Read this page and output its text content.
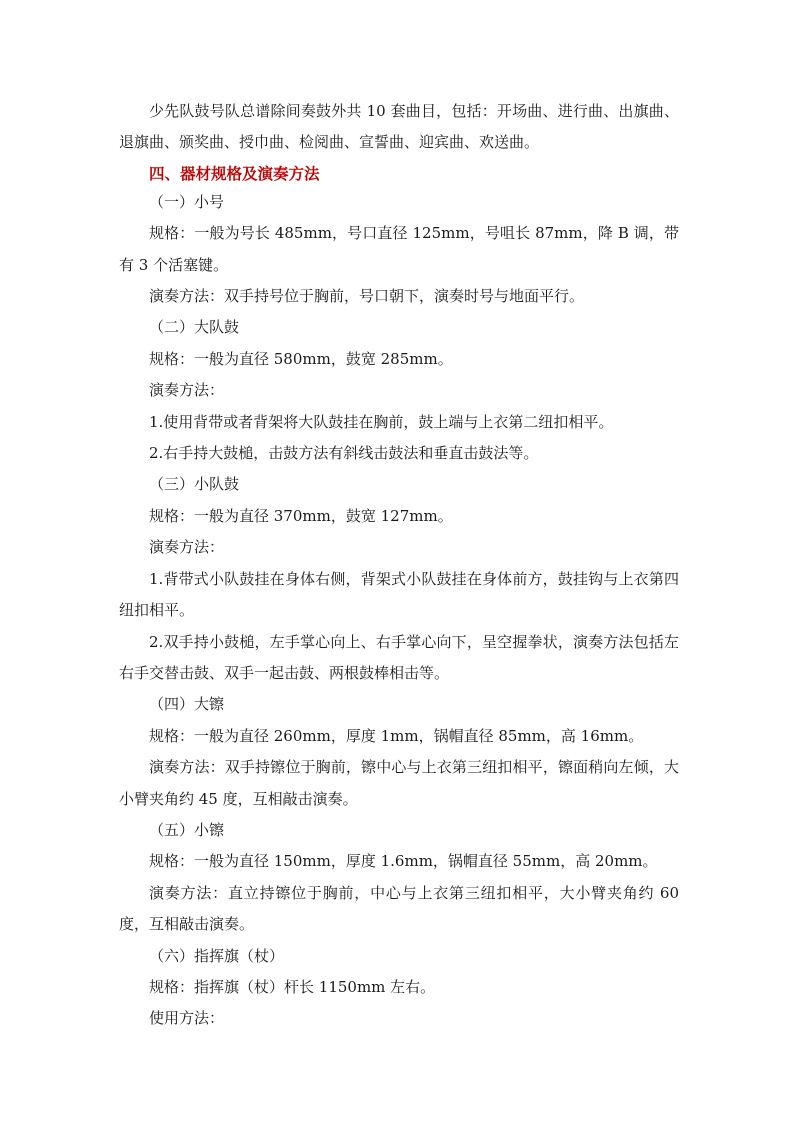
少先队鼓号队总谱除间奏鼓外共 10 套曲目，包括：开场曲、进行曲、出旗曲、退旗曲、颁奖曲、授巾曲、检阅曲、宣誓曲、迎宾曲、欢送曲。

四、器材规格及演奏方法

（一）小号

规格：一般为号长 485mm，号口直径 125mm，号咀长 87mm，降 B 调，带有 3 个活塞键。

演奏方法：双手持号位于胸前，号口朝下，演奏时号与地面平行。

（二）大队鼓

规格：一般为直径 580mm，鼓宽 285mm。

演奏方法：

1.使用背带或者背架将大队鼓挂在胸前，鼓上端与上衣第二纽扣相平。

2.右手持大鼓槌，击鼓方法有斜线击鼓法和垂直击鼓法等。

（三）小队鼓

规格：一般为直径 370mm，鼓宽 127mm。

演奏方法：

1.背带式小队鼓挂在身体右侧，背架式小队鼓挂在身体前方，鼓挂钩与上衣第四纽扣相平。

2.双手持小鼓槌，左手掌心向上、右手掌心向下，呈空握拳状，演奏方法包括左右手交替击鼓、双手一起击鼓、两根鼓棒相击等。

（四）大镲

规格：一般为直径 260mm，厚度 1mm，锅帽直径 85mm，高 16mm。

演奏方法：双手持镲位于胸前，镲中心与上衣第三纽扣相平，镲面稍向左倾，大小臂夹角约 45 度，互相敲击演奏。

（五）小镲

规格：一般为直径 150mm，厚度 1.6mm，锅帽直径 55mm，高 20mm。

演奏方法：直立持镲位于胸前，中心与上衣第三纽扣相平，大小臂夹角约 60 度，互相敲击演奏。

（六）指挥旗（杖）

规格：指挥旗（杖）杆长 1150mm 左右。

使用方法：
